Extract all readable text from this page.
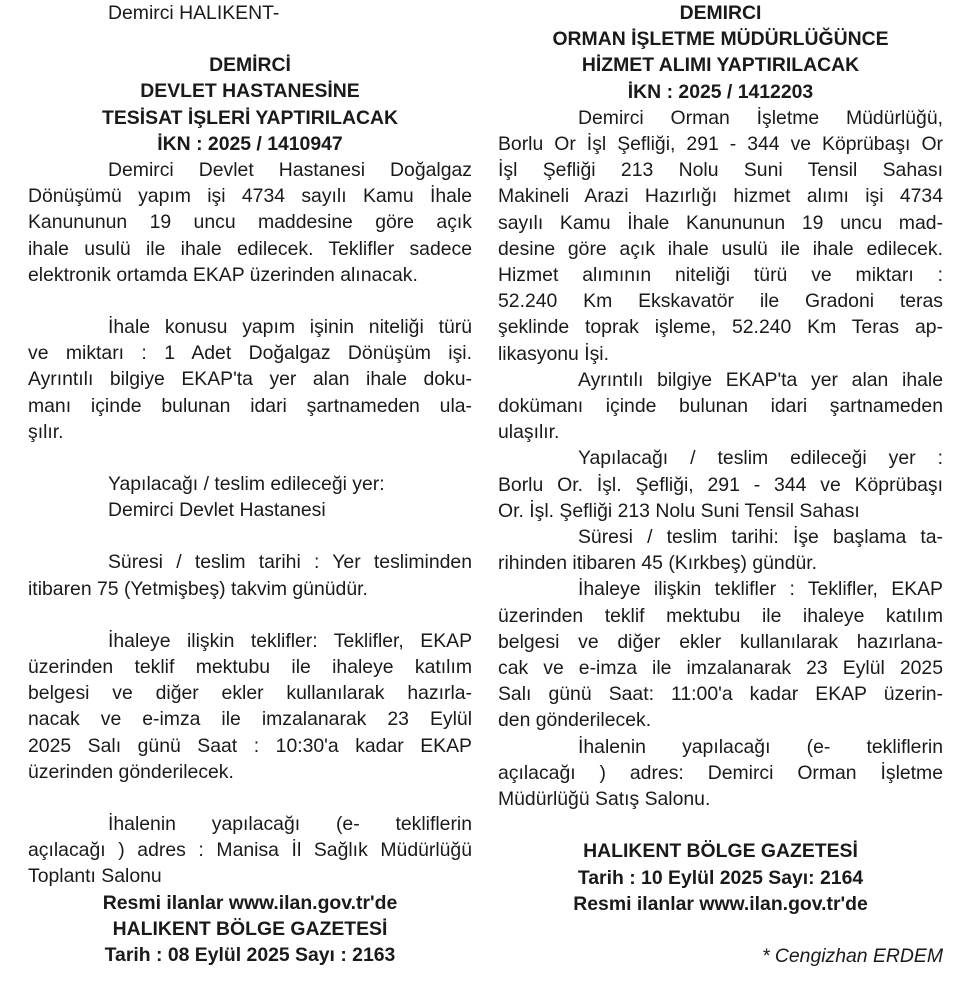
Demirci HALIKENT-
DEMİRCİ
DEVLET HASTANESİNE
TESİSAT İŞLERİ YAPTIRILACAK
İKN : 2025 / 1410947
Demirci Devlet Hastanesi Doğalgaz
Dönüşümü yapım işi 4734 sayılı Kamu İhale
Kanununun 19 uncu maddesine göre açık
ihale usulü ile ihale edilecek. Teklifler sadece
elektronik ortamda EKAP üzerinden alınacak.
İhale konusu yapım işinin niteliği türü
ve miktarı : 1 Adet Doğalgaz Dönüşüm işi.
Ayrıntılı bilgiye EKAP'ta yer alan ihale doku-
manı içinde bulunan idari şartnameden ula-
şılır.
Yapılacağı / teslim edileceği yer:
Demirci Devlet Hastanesi
Süresi / teslim tarihi : Yer tesliminden
itibaren 75 (Yetmişbeş) takvim günüdür.
İhaleye ilişkin teklifler: Teklifler, EKAP
üzerinden teklif mektubu ile ihaleye katılım
belgesi ve diğer ekler kullanılarak hazırla-
nacak ve e-imza ile imzalanarak 23 Eylül
2025 Salı günü Saat : 10:30'a kadar EKAP
üzerinden gönderilecek.
İhalenin yapılacağı (e- tekliflerin
açılacağı ) adres : Manisa İl Sağlık Müdürlüğü
Toplantı Salonu
Resmi ilanlar www.ilan.gov.tr'de
HALIKENT BÖLGE GAZETESİ
Tarih : 08 Eylül 2025 Sayı : 2163
DEMIRCI
ORMAN İŞLETME MÜDÜRLÜĞÜNCE
HİZMET ALIMI YAPTIRILACAK
İKN : 2025 / 1412203
Demirci Orman İşletme Müdürlüğü,
Borlu Or İşl Şefliği, 291 - 344 ve Köprübaşı Or
İşl Şefliği 213 Nolu Suni Tensil Sahası
Makineli Arazi Hazırlığı hizmet alımı işi 4734
sayılı Kamu İhale Kanununun 19 uncu mad-
desine göre açık ihale usulü ile ihale edilecek.
Hizmet alımının niteliği türü ve miktarı :
52.240 Km Ekskavatör ile Gradoni teras
şeklinde toprak işleme, 52.240 Km Teras ap-
likasyonu İşi.
Ayrıntılı bilgiye EKAP'ta yer alan ihale
dokümanı içinde bulunan idari şartnameden
ulaşılır.
Yapılacağı / teslim edileceği yer :
Borlu Or. İşl. Şefliği, 291 - 344 ve Köprübaşı
Or. İşl. Şefliği 213 Nolu Suni Tensil Sahası
Süresi / teslim tarihi: İşe başlama ta-
rihinden itibaren 45 (Kırkbeş) gündür.
İhaleye ilişkin teklifler : Teklifler, EKAP
üzerinden teklif mektubu ile ihaleye katılım
belgesi ve diğer ekler kullanılarak hazırlana-
cak ve e-imza ile imzalanarak 23 Eylül 2025
Salı günü Saat: 11:00'a kadar EKAP üzerin-
den gönderilecek.
İhalenin yapılacağı (e- tekliflerin
açılacağı ) adres: Demirci Orman İşletme
Müdürlüğü Satış Salonu.
HALIKENT BÖLGE GAZETESİ
Tarih : 10 Eylül 2025 Sayı: 2164
Resmi ilanlar www.ilan.gov.tr'de
* Cengizhan ERDEM
